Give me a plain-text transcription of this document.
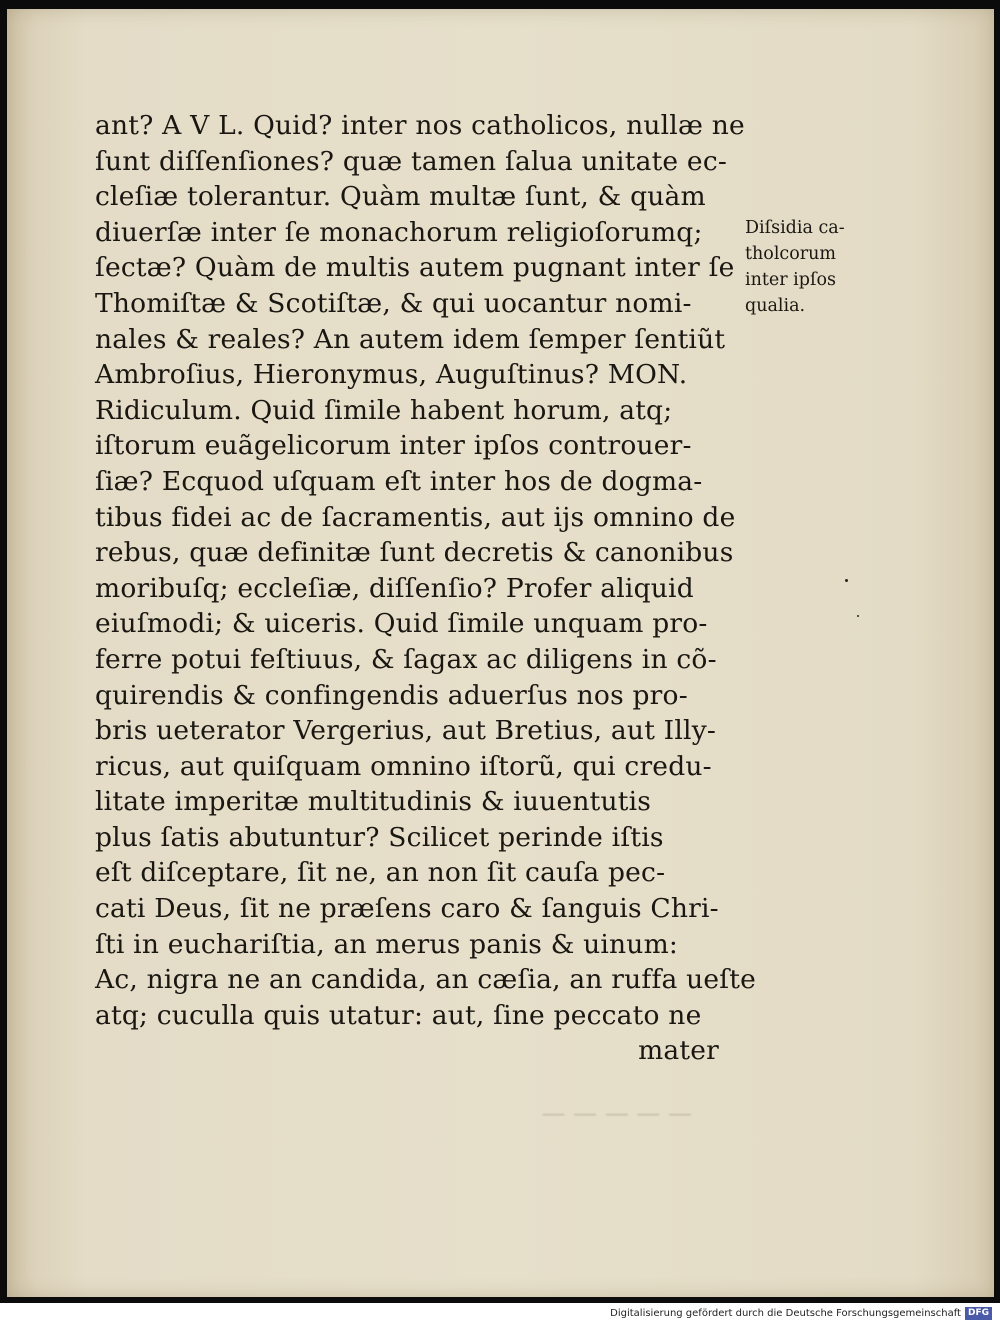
— — — — —
ant? A V L. Quid? inter nos catholicos, nullæ ne
ſunt diſſenſiones? quæ tamen ſalua unitate ec-
cleſiæ tolerantur. Quàm multæ ſunt, & quàm
diuerſæ inter ſe monachorum religioſorumq;
ſectæ? Quàm de multis autem pugnant inter ſe
Thomiſtæ & Scotiſtæ, & qui uocantur nomi-
nales & reales? An autem idem ſemper ſentiũt
Ambroſius, Hieronymus, Auguſtinus? MON.
Ridiculum. Quid ſimile habent horum, atq;
iſtorum euãgelicorum inter ipſos controuer-
ſiæ? Ecquod uſquam eſt inter hos de dogma-
tibus fidei ac de ſacramentis, aut ijs omnino de
rebus, quæ definitæ ſunt decretis & canonibus
moribuſq; eccleſiæ, diſſenſio? Profer aliquid
eiuſmodi; & uiceris. Quid ſimile unquam pro-
ferre potui feſtiuus, & ſagax ac diligens in cõ-
quirendis & confingendis aduerſus nos pro-
bris ueterator Vergerius, aut Bretius, aut Illy-
ricus, aut quiſquam omnino iſtorũ, qui credu-
litate imperitæ multitudinis & iuuentutis
plus ſatis abutuntur? Scilicet perinde iſtis
eſt diſceptare, ſit ne, an non ſit cauſa pec-
cati Deus, ſit ne præſens caro & ſanguis Chri-
ſti in euchariſtia, an merus panis & uinum:
Ac, nigra ne an candida, an cæſia, an ruffa ueſte
atq; cuculla quis utatur: aut, ſine peccato ne
mater
Diſsidia ca-
tholcorum
inter ipſos
qualia.
Digitalisierung gefördert durch die Deutsche Forschungsgemeinschaft DFG
